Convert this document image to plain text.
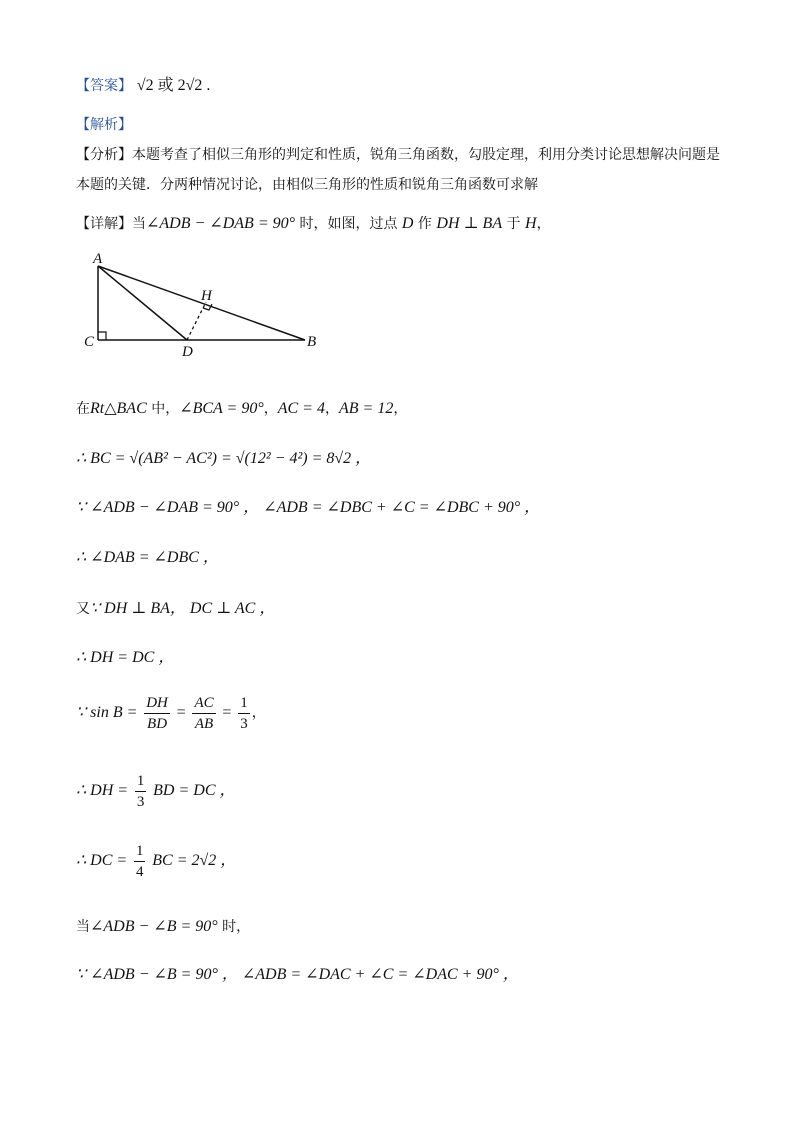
【答案】 √2 或 2√2 .
【解析】
【分析】本题考查了相似三角形的判定和性质，锐角三角函数，勾股定理，利用分类讨论思想解决问题是本题的关键．分两种情况讨论，由相似三角形的性质和锐角三角函数可求解
【详解】当∠ADB − ∠DAB = 90° 时，如图，过点 D 作 DH ⊥ BA 于 H，
A
H
C
D
B
在Rt△BAC 中，∠BCA = 90°，AC = 4，AB = 12，
∴ BC = √(AB² − AC²) = √(12² − 4²) = 8√2 ，
∵ ∠ADB − ∠DAB = 90° ， ∠ADB = ∠DBC + ∠C = ∠DBC + 90° ，
∴ ∠DAB = ∠DBC ，
又∵ DH ⊥ BA， DC ⊥ AC ，
∴ DH = DC ，
∵ $\sin B = \frac{DH}{BD} = \frac{AC}{AB} = \frac{1}{3}$ ，
∴ DH = $\frac{1}{3}$ BD = DC ，
∴ DC = $\frac{1}{4}$ BC = 2√2 ，
当∠ADB − ∠B = 90° 时，
∵ ∠ADB − ∠B = 90° ， ∠ADB = ∠DAC + ∠C = ∠DAC + 90° ，
